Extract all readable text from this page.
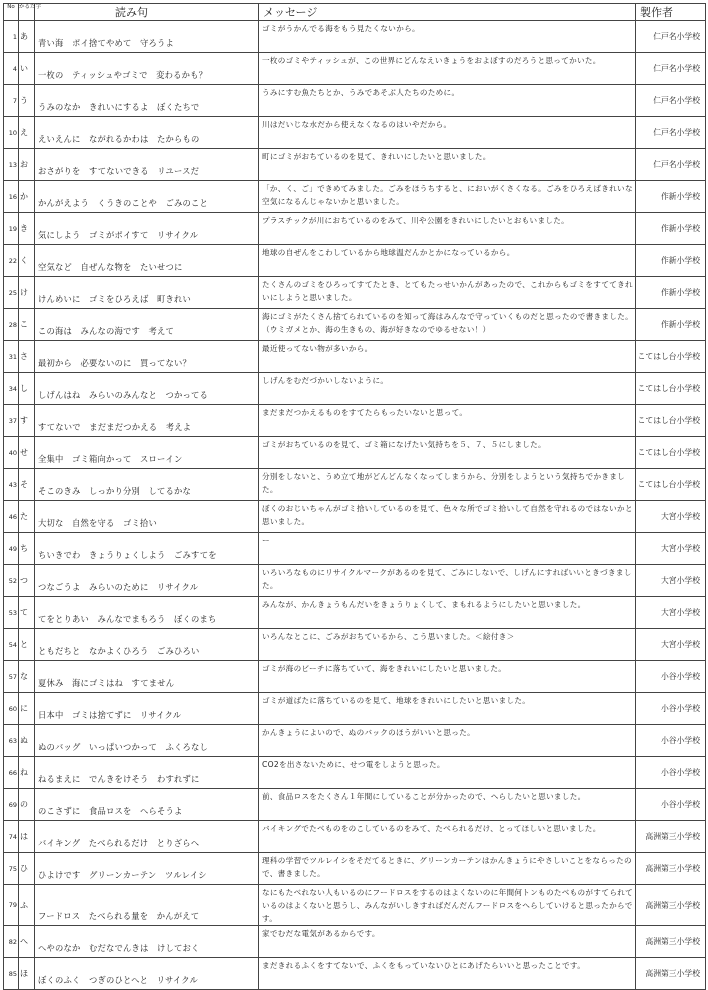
No	かるた字	読み句	メッセージ	製作者
1	あ	青い海　ポイ捨てやめて　守ろうよ	ゴミがうかんでる海をもう見たくないから。	仁戸名小学校
4	い	一枚の　ティッシュやゴミで　変わるかも？	一枚のゴミやティッシュが、この世界にどんなえいきょうをおよぼすのだろうと思ってかいた。	仁戸名小学校
7	う	うみのなか　きれいにするよ　ぼくたちで	うみにすむ魚たちとか、うみであそぶ人たちのために。	仁戸名小学校
10	え	えいえんに　ながれるかわは　たからもの	川はだいじな水だから使えなくなるのはいやだから。	仁戸名小学校
13	お	おさがりを　すてないできる　リユースだ	町にゴミがおちているのを見て、きれいにしたいと思いました。	仁戸名小学校
16	か	かんがえよう　くうきのことや　ごみのこと	「か、く、ご」できめてみました。ごみをほうちすると、においがくさくなる。ごみをひろえばきれいな空気になるんじゃないかと思いました。	作新小学校
19	き	気にしよう　ゴミがポイすて　リサイクル	プラスチックが川におちているのをみて、川や公園をきれいにしたいとおもいました。	作新小学校
22	く	空気など　自ぜんな物を　たいせつに	地球の自ぜんをこわしているから地球温だんかとかになっているから。	作新小学校
25	け	けんめいに　ゴミをひろえば　町きれい	たくさんのゴミをひろってすてたとき、とてもたっせいかんがあったので、これからもゴミをすててきれいにしようと思いました。	作新小学校
28	こ	この海は　みんなの海です　考えて	海にゴミがたくさん捨てられているのを知って海はみんなで守っていくものだと思ったので書きました。（ウミガメとか、海の生きもの、海が好きなのでゆるせない！）	作新小学校
31	さ	最初から　必要ないのに　買ってない？	最近使ってない物が多いから。	こてはし台小学校
34	し	しげんはね　みらいのみんなと　つかってる	しげんをむだづかいしないように。	こてはし台小学校
37	す	すてないで　まだまだつかえる　考えよ	まだまだつかえるものをすてたらもったいないと思って。	こてはし台小学校
40	せ	全集中　ゴミ箱向かって　スローイン	ゴミがおちているのを見て、ゴミ箱になげたい気持ちを５、７、５にしました。	こてはし台小学校
43	そ	そこのきみ　しっかり分別　してるかな	分別をしないと、うめ立て地がどんどんなくなってしまうから、分別をしようという気持ちでかきました。	こてはし台小学校
46	た	大切な　自然を守る　ゴミ拾い	ぼくのおじいちゃんがゴミ拾いしているのを見て、色々な所でゴミ拾いして自然を守れるのではないかと思いました。	大宮小学校
49	ち	ちいきでわ　きょうりょくしよう　ごみすてを	ー	大宮小学校
52	つ	つなごうよ　みらいのために　リサイクル	いろいろなものにリサイクルマークがあるのを見て、ごみにしないで、しげんにすればいいときづきました。	大宮小学校
53	て	てをとりあい　みんなでまもろう　ぼくのまち	みんなが、かんきょうもんだいをきょうりょくして、まもれるようにしたいと思いました。	大宮小学校
54	と	ともだちと　なかよくひろう　ごみひろい	いろんなとこに、ごみがおちているから、こう思いました。＜絵付き＞	大宮小学校
57	な	夏休み　海にゴミはね　すてません	ゴミが海のビーチに落ちていて、海をきれいにしたいと思いました。	小谷小学校
60	に	日本中　ゴミは捨てずに　リサイクル	ゴミが道ばたに落ちているのを見て、地球をきれいにしたいと思いました。	小谷小学校
63	ぬ	ぬのバッグ　いっぱいつかって　ふくろなし	かんきょうによいので、ぬのバックのほうがいいと思った。	小谷小学校
66	ね	ねるまえに　でんきをけそう　わすれずに	CO2を出さないために、せつ電をしようと思った。	小谷小学校
69	の	のこさずに　食品ロスを　へらそうよ	前、食品ロスをたくさん１年間にしていることが分かったので、へらしたいと思いました。	小谷小学校
74	は	バイキング　たべられるだけ　とりざらへ	バイキングでたべものをのこしているのをみて、たべられるだけ、とってほしいと思いました。	高洲第三小学校
75	ひ	ひよけです　グリーンカーテン　ツルレイシ	理科の学習でツルレイシをそだてるときに、グリーンカーテンはかんきょうにやさしいことをならったので、書きました。	高洲第三小学校
79	ふ	フードロス　たべられる量を　かんがえて	なにもたべれない人もいるのにフードロスをするのはよくないのに年間何トンものたべものがすてられているのはよくないと思うし、みんながいしきすればだんだんフードロスをへらしていけると思ったからです。	高洲第三小学校
82	へ	へやのなか　むだなでんきは　けしておく	家でむだな電気があるからです。	高洲第三小学校
85	ほ	ぼくのふく　つぎのひとへと　リサイクル	まだきれるふくをすてないで、ふくをもっていないひとにあげたらいいと思ったことです。	高洲第三小学校
